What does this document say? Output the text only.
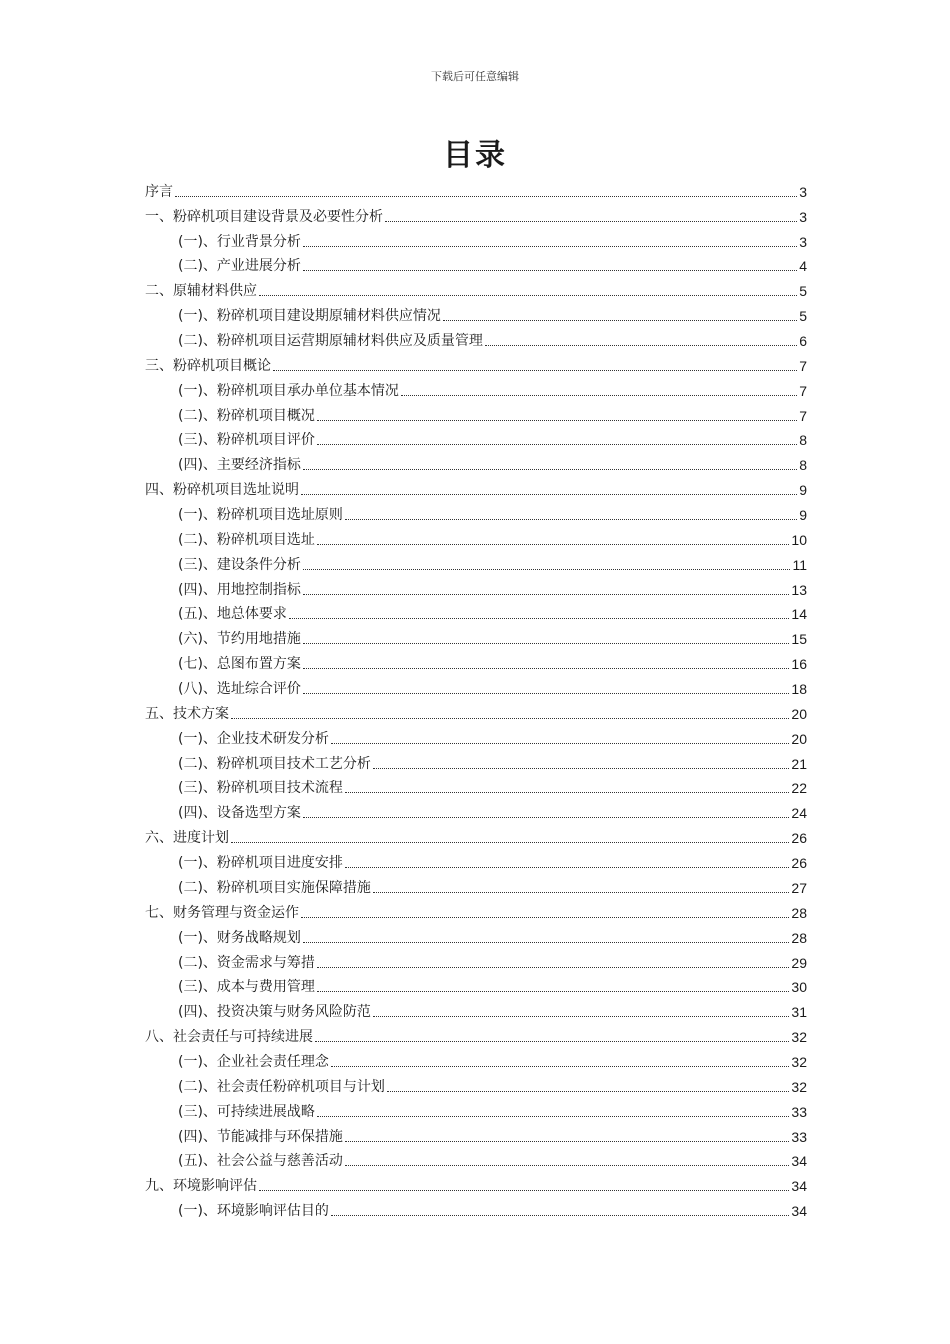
下载后可任意编辑
目录
序言	3
一、粉碎机项目建设背景及必要性分析	3
(一)、行业背景分析	3
(二)、产业进展分析	4
二、原辅材料供应	5
(一)、粉碎机项目建设期原辅材料供应情况	5
(二)、粉碎机项目运营期原辅材料供应及质量管理	6
三、粉碎机项目概论	7
(一)、粉碎机项目承办单位基本情况	7
(二)、粉碎机项目概况	7
(三)、粉碎机项目评价	8
(四)、主要经济指标	8
四、粉碎机项目选址说明	9
(一)、粉碎机项目选址原则	9
(二)、粉碎机项目选址	10
(三)、建设条件分析	11
(四)、用地控制指标	13
(五)、地总体要求	14
(六)、节约用地措施	15
(七)、总图布置方案	16
(八)、选址综合评价	18
五、技术方案	20
(一)、企业技术研发分析	20
(二)、粉碎机项目技术工艺分析	21
(三)、粉碎机项目技术流程	22
(四)、设备选型方案	24
六、进度计划	26
(一)、粉碎机项目进度安排	26
(二)、粉碎机项目实施保障措施	27
七、财务管理与资金运作	28
(一)、财务战略规划	28
(二)、资金需求与筹措	29
(三)、成本与费用管理	30
(四)、投资决策与财务风险防范	31
八、社会责任与可持续进展	32
(一)、企业社会责任理念	32
(二)、社会责任粉碎机项目与计划	32
(三)、可持续进展战略	33
(四)、节能减排与环保措施	33
(五)、社会公益与慈善活动	34
九、环境影响评估	34
(一)、环境影响评估目的	34
